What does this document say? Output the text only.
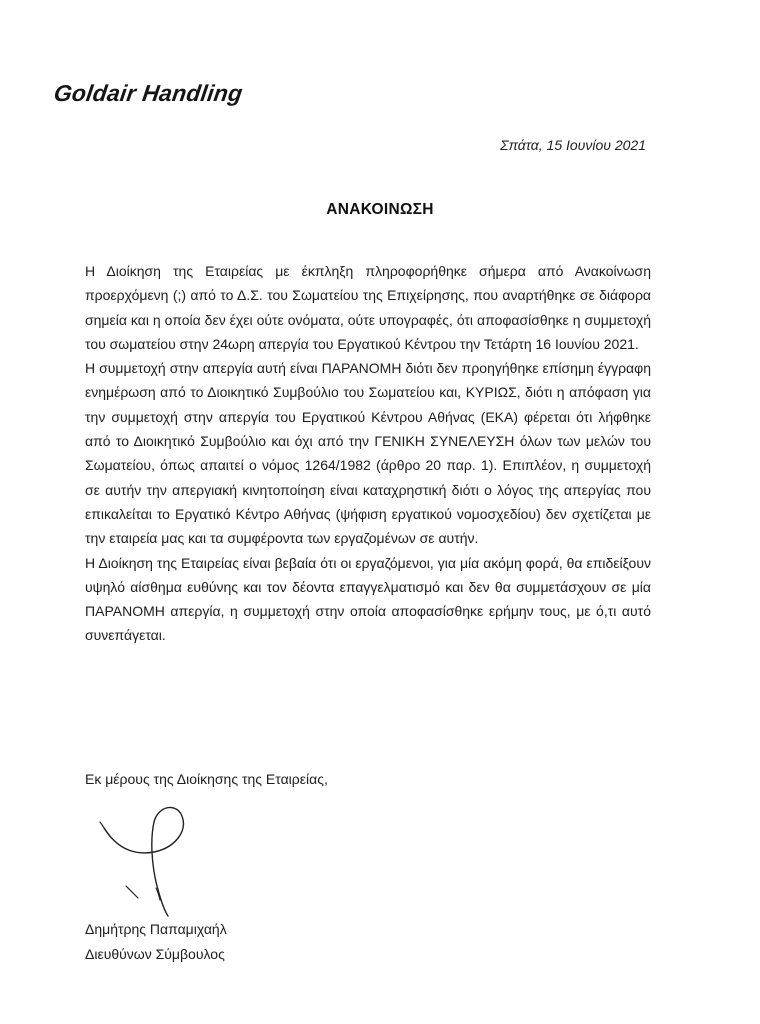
Goldair Handling
Σπάτα, 15 Ιουνίου 2021
ΑΝΑΚΟΙΝΩΣΗ

Η Διοίκηση της Εταιρείας με έκπληξη πληροφορήθηκε σήμερα από Ανακοίνωση προερχόμενη (;) από το Δ.Σ. του Σωματείου της Επιχείρησης, που αναρτήθηκε σε διάφορα σημεία και η οποία δεν έχει ούτε ονόματα, ούτε υπογραφές, ότι αποφασίσθηκε η συμμετοχή του σωματείου στην 24ωρη απεργία του Εργατικού Κέντρου την Τετάρτη 16 Ιουνίου 2021.

Η συμμετοχή στην απεργία αυτή είναι ΠΑΡΑΝΟΜΗ διότι δεν προηγήθηκε επίσημη έγγραφη ενημέρωση από το Διοικητικό Συμβούλιο του Σωματείου και, ΚΥΡΙΩΣ, διότι η απόφαση για την συμμετοχή στην απεργία του Εργατικού Κέντρου Αθήνας (ΕΚΑ) φέρεται ότι λήφθηκε από το Διοικητικό Συμβούλιο και όχι από την ΓΕΝΙΚΗ ΣΥΝΕΛΕΥΣΗ όλων των μελών του Σωματείου, όπως απαιτεί ο νόμος 1264/1982 (άρθρο 20 παρ. 1). Επιπλέον, η συμμετοχή σε αυτήν την απεργιακή κινητοποίηση είναι καταχρηστική διότι ο λόγος της απεργίας που επικαλείται το Εργατικό Κέντρο Αθήνας (ψήφιση εργατικού νομοσχεδίου) δεν σχετίζεται με την εταιρεία μας και τα συμφέροντα των εργαζομένων σε αυτήν.

Η Διοίκηση της Εταιρείας είναι βεβαία ότι οι εργαζόμενοι, για μία ακόμη φορά, θα επιδείξουν υψηλό αίσθημα ευθύνης και τον δέοντα επαγγελματισμό και δεν θα συμμετάσχουν σε μία ΠΑΡΑΝΟΜΗ απεργία, η συμμετοχή στην οποία αποφασίσθηκε ερήμην τους, με ό,τι αυτό συνεπάγεται.

Εκ μέρους της Διοίκησης της Εταιρείας,
Δημήτρης Παπαμιχαήλ
Διευθύνων Σύμβουλος
